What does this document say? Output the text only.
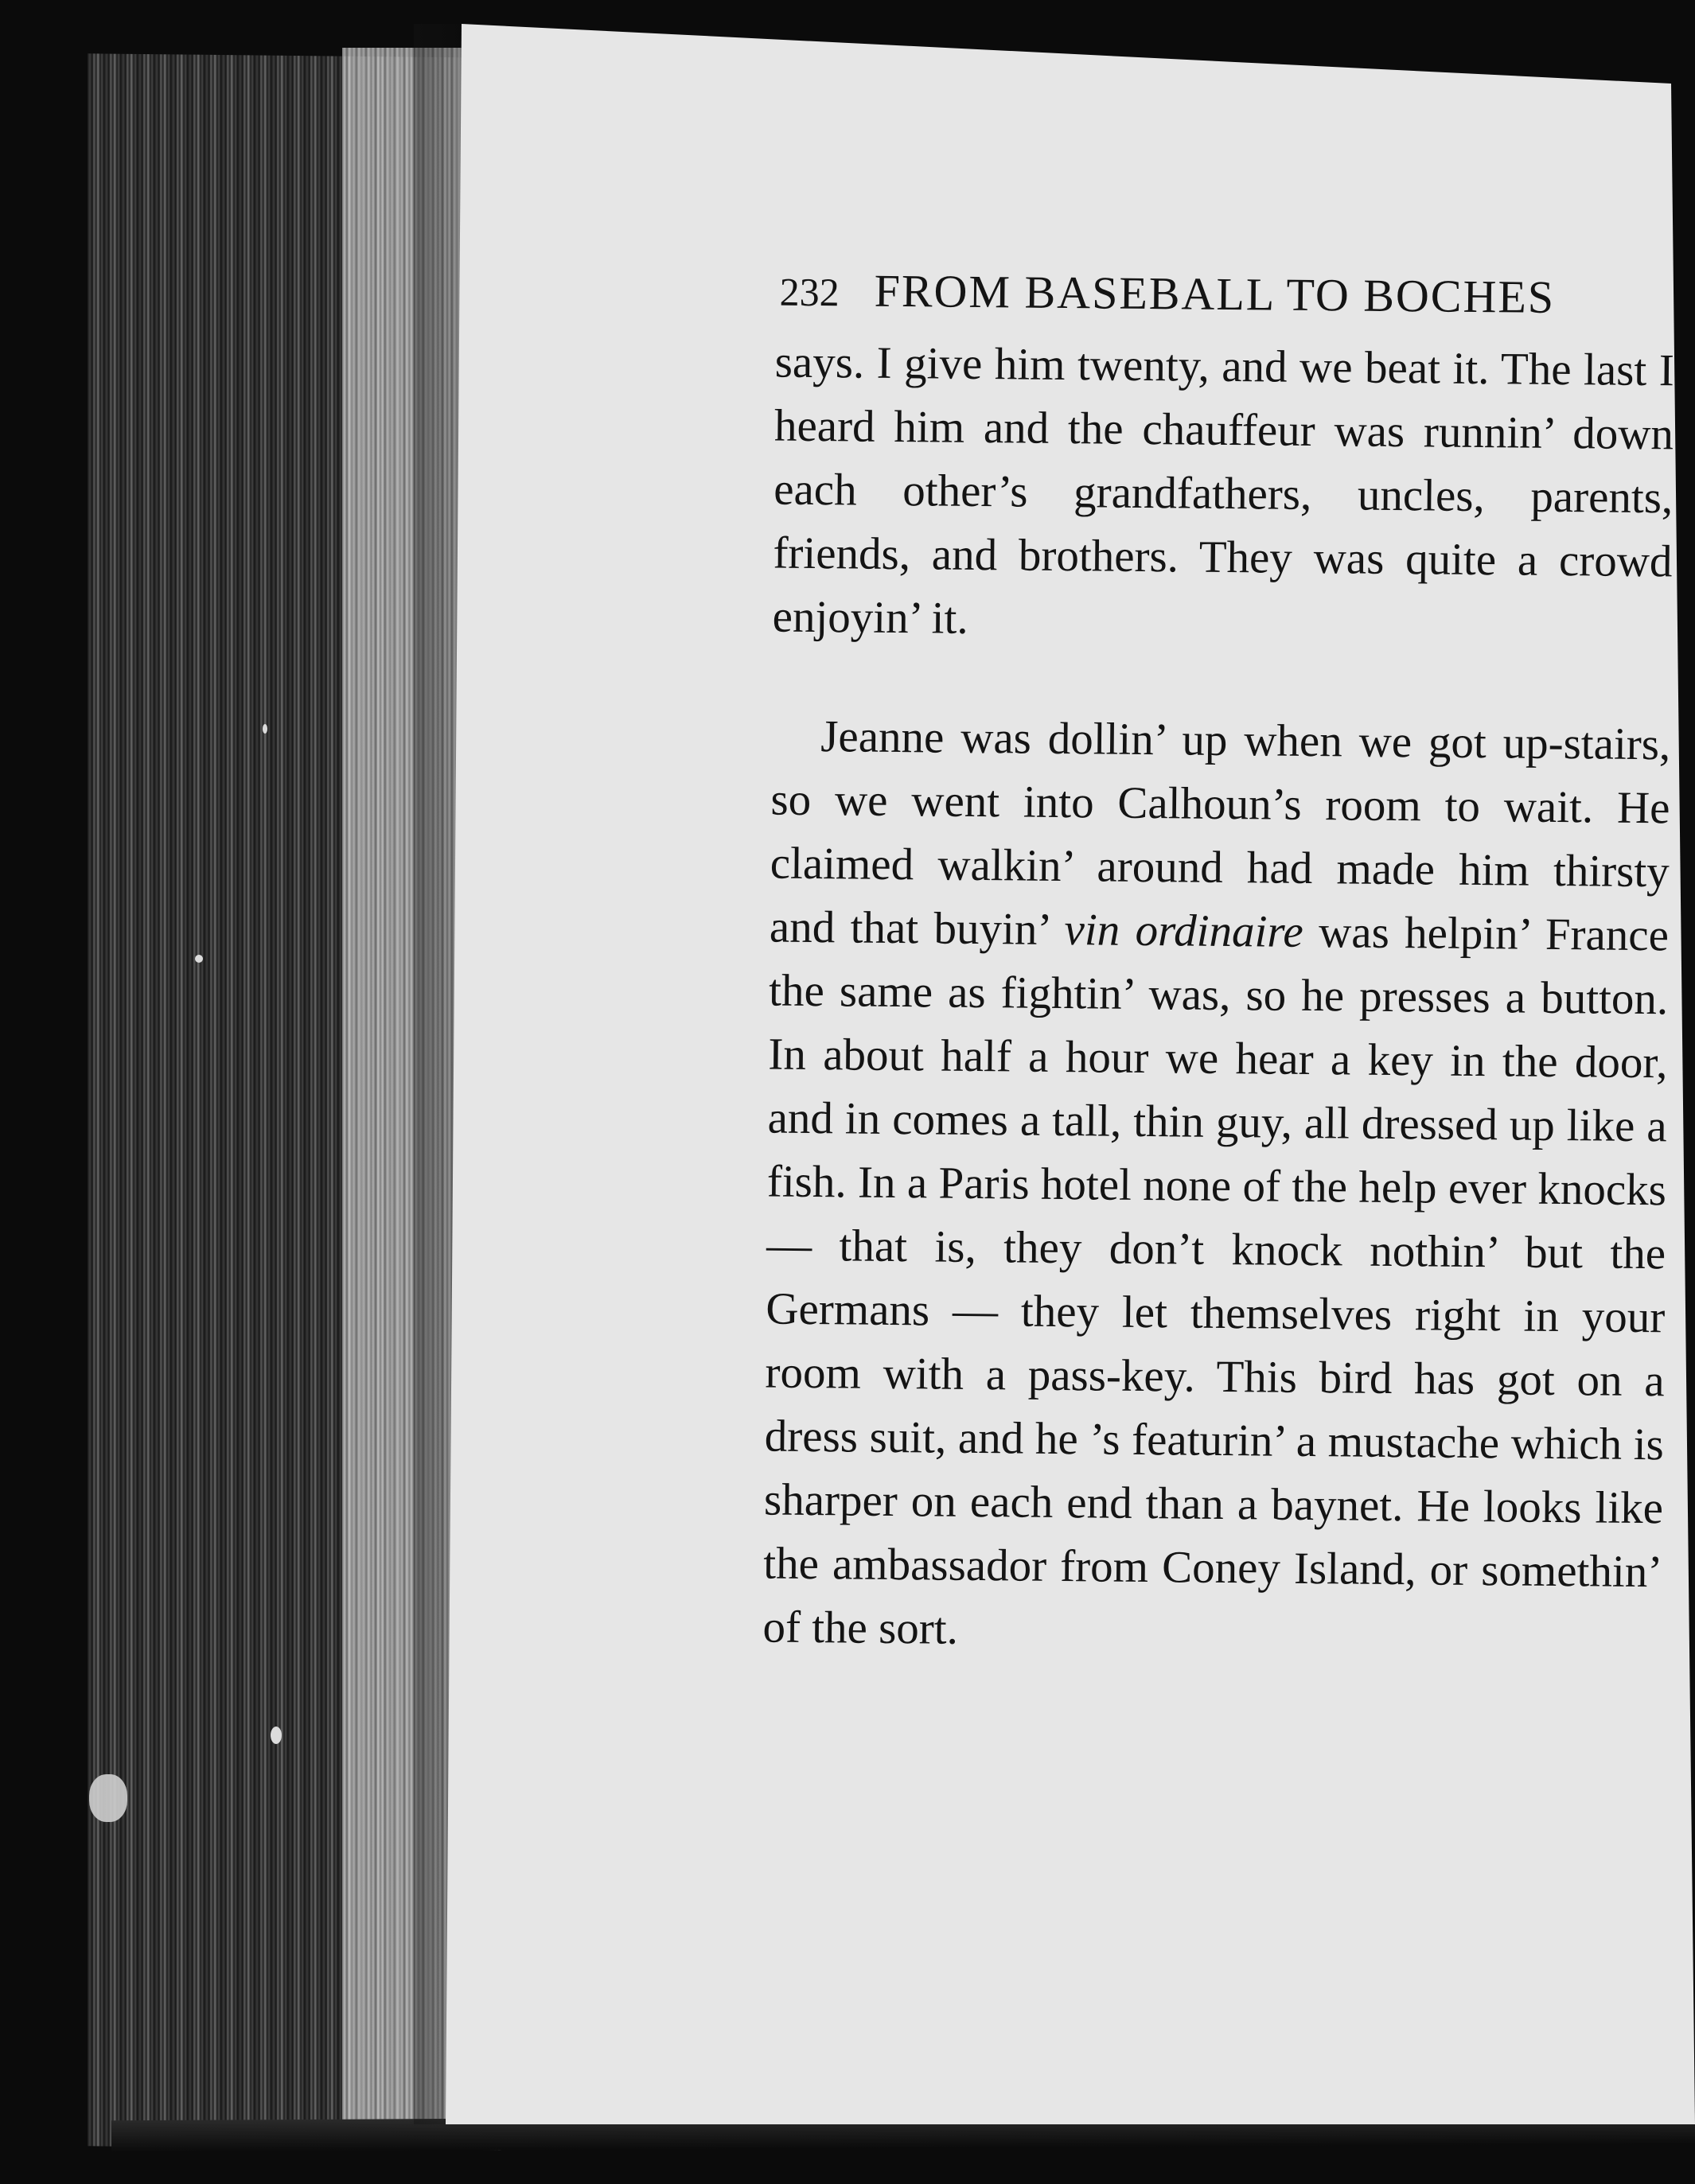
232 FROM BASEBALL TO BOCHES

says. I give him twenty, and we beat it. The last I heard him and the chauffeur was runnin’ down each other’s grandfathers, uncles, parents, friends, and brothers. They was quite a crowd enjoyin’ it.

Jeanne was dollin’ up when we got up-stairs, so we went into Calhoun’s room to wait. He claimed walkin’ around had made him thirsty and that buyin’ vin ordinaire was helpin’ France the same as fightin’ was, so he presses a button. In about half a hour we hear a key in the door, and in comes a tall, thin guy, all dressed up like a fish. In a Paris hotel none of the help ever knocks — that is, they don’t knock nothin’ but the Germans — they let themselves right in your room with a pass-key. This bird has got on a dress suit, and he ’s featurin’ a mustache which is sharper on each end than a baynet. He looks like the ambassador from Coney Island, or somethin’ of the sort.
